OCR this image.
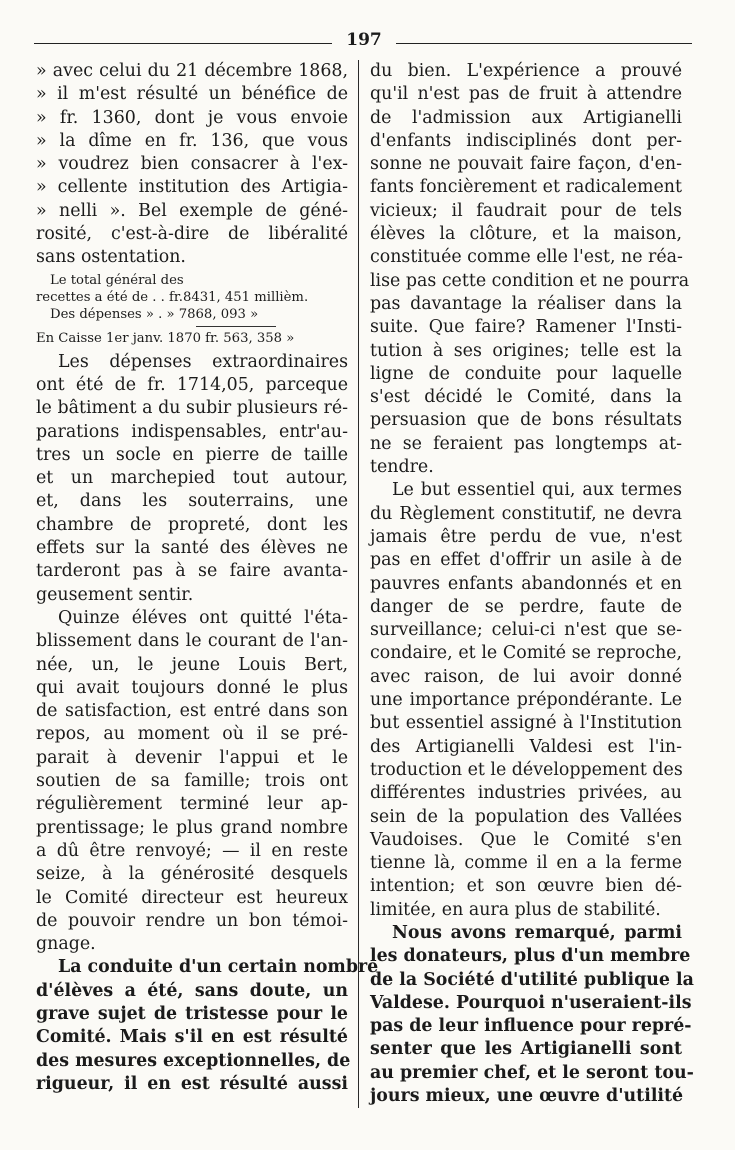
197
» avec celui du 21 décembre 1868,
» il m'est résulté un bénéfice de
» fr. 1360, dont je vous envoie
» la dîme en fr. 136, que vous
» voudrez bien consacrer à l'ex-
» cellente institution des Artigia-
» nelli ». Bel exemple de géné-
rosité, c'est-à-dire de libéralité
sans ostentation.
Le total général des
recettes a été de . . fr.8431, 451 millièm.
Des dépenses » . » 7868, 093 »
En Caisse 1er janv. 1870 fr. 563, 358 »
Les dépenses extraordinaires
ont été de fr. 1714,05, parceque
le bâtiment a du subir plusieurs ré-
parations indispensables, entr'au-
tres un socle en pierre de taille
et un marchepied tout autour,
et, dans les souterrains, une
chambre de propreté, dont les
effets sur la santé des élèves ne
tarderont pas à se faire avanta-
geusement sentir.
Quinze éléves ont quitté l'éta-
blissement dans le courant de l'an-
née, un, le jeune Louis Bert,
qui avait toujours donné le plus
de satisfaction, est entré dans son
repos, au moment où il se pré-
parait à devenir l'appui et le
soutien de sa famille; trois ont
régulièrement terminé leur ap-
prentissage; le plus grand nombre
a dû être renvoyé; — il en reste
seize, à la générosité desquels
le Comité directeur est heureux
de pouvoir rendre un bon témoi-
gnage.
La conduite d'un certain nombre
d'élèves a été, sans doute, un
grave sujet de tristesse pour le
Comité. Mais s'il en est résulté
des mesures exceptionnelles, de
rigueur, il en est résulté aussi
du bien. L'expérience a prouvé
qu'il n'est pas de fruit à attendre
de l'admission aux Artigianelli
d'enfants indisciplinés dont per-
sonne ne pouvait faire façon, d'en-
fants foncièrement et radicalement
vicieux; il faudrait pour de tels
élèves la clôture, et la maison,
constituée comme elle l'est, ne réa-
lise pas cette condition et ne pourra
pas davantage la réaliser dans la
suite. Que faire? Ramener l'Insti-
tution à ses origines; telle est la
ligne de conduite pour laquelle
s'est décidé le Comité, dans la
persuasion que de bons résultats
ne se feraient pas longtemps at-
tendre.
Le but essentiel qui, aux termes
du Règlement constitutif, ne devra
jamais être perdu de vue, n'est
pas en effet d'offrir un asile à de
pauvres enfants abandonnés et en
danger de se perdre, faute de
surveillance; celui-ci n'est que se-
condaire, et le Comité se reproche,
avec raison, de lui avoir donné
une importance prépondérante. Le
but essentiel assigné à l'Institution
des Artigianelli Valdesi est l'in-
troduction et le développement des
différentes industries privées, au
sein de la population des Vallées
Vaudoises. Que le Comité s'en
tienne là, comme il en a la ferme
intention; et son œuvre bien dé-
limitée, en aura plus de stabilité.
Nous avons remarqué, parmi
les donateurs, plus d'un membre
de la Société d'utilité publique la
Valdese. Pourquoi n'useraient-ils
pas de leur influence pour repré-
senter que les Artigianelli sont
au premier chef, et le seront tou-
jours mieux, une œuvre d'utilité
